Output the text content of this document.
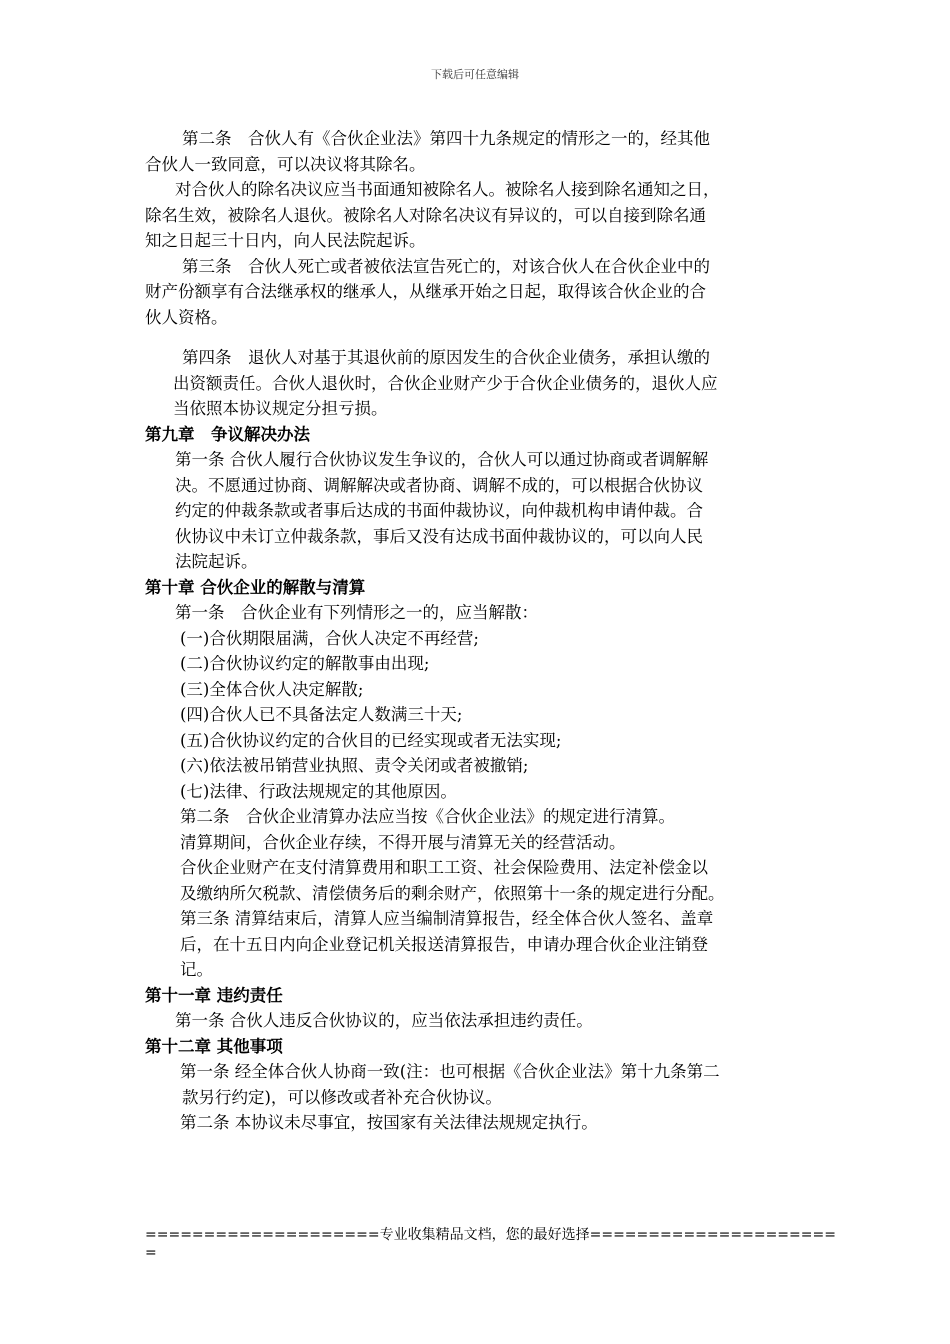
下载后可任意编辑
第二条　合伙人有《合伙企业法》第四十九条规定的情形之一的，经其他
合伙人一致同意，可以决议将其除名。
对合伙人的除名决议应当书面通知被除名人。被除名人接到除名通知之日，
除名生效，被除名人退伙。被除名人对除名决议有异议的，可以自接到除名通
知之日起三十日内，向人民法院起诉。
第三条　合伙人死亡或者被依法宣告死亡的，对该合伙人在合伙企业中的
财产份额享有合法继承权的继承人，从继承开始之日起，取得该合伙企业的合
伙人资格。
第四条　退伙人对基于其退伙前的原因发生的合伙企业债务，承担认缴的
出资额责任。合伙人退伙时，合伙企业财产少于合伙企业债务的，退伙人应
当依照本协议规定分担亏损。
第九章　争议解决办法
第一条 合伙人履行合伙协议发生争议的，合伙人可以通过协商或者调解解
决。不愿通过协商、调解解决或者协商、调解不成的，可以根据合伙协议
约定的仲裁条款或者事后达成的书面仲裁协议，向仲裁机构申请仲裁。合
伙协议中未订立仲裁条款，事后又没有达成书面仲裁协议的，可以向人民
法院起诉。
第十章 合伙企业的解散与清算
第一条　合伙企业有下列情形之一的，应当解散：
(一)合伙期限届满，合伙人决定不再经营;
(二)合伙协议约定的解散事由出现;
(三)全体合伙人决定解散;
(四)合伙人已不具备法定人数满三十天;
(五)合伙协议约定的合伙目的已经实现或者无法实现;
(六)依法被吊销营业执照、责令关闭或者被撤销;
(七)法律、行政法规规定的其他原因。
第二条　合伙企业清算办法应当按《合伙企业法》的规定进行清算。
清算期间，合伙企业存续，不得开展与清算无关的经营活动。
合伙企业财产在支付清算费用和职工工资、社会保险费用、法定补偿金以
及缴纳所欠税款、清偿债务后的剩余财产，依照第十一条的规定进行分配。
第三条 清算结束后，清算人应当编制清算报告，经全体合伙人签名、盖章
后，在十五日内向企业登记机关报送清算报告，申请办理合伙企业注销登
记。
第十一章 违约责任
第一条 合伙人违反合伙协议的，应当依法承担违约责任。
第十二章 其他事项
第一条 经全体合伙人协商一致(注：也可根据《合伙企业法》第十九条第二
款另行约定)，可以修改或者补充合伙协议。
第二条 本协议未尽事宜，按国家有关法律法规规定执行。
====================专业收集精品文档，您的最好选择=====================
=
